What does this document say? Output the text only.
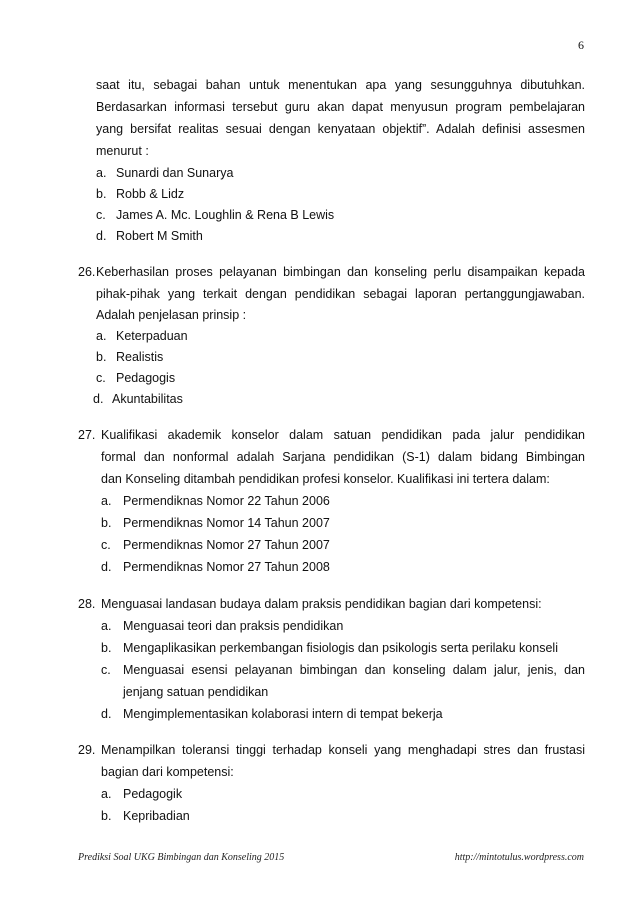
6
saat itu, sebagai bahan untuk menentukan apa yang sesungguhnya dibutuhkan.
Berdasarkan informasi tersebut guru akan dapat menyusun program pembelajaran
yang bersifat realitas sesuai dengan kenyataan objektif”. Adalah definisi assesmen
menurut :
a. Sunardi dan Sunarya
b. Robb & Lidz
c. James A. Mc. Loughlin & Rena B Lewis
d. Robert M Smith
26. Keberhasilan proses pelayanan bimbingan dan konseling perlu disampaikan kepada
pihak-pihak yang terkait dengan pendidikan sebagai laporan pertanggungjawaban.
Adalah penjelasan prinsip :
a. Keterpaduan
b. Realistis
c. Pedagogis
d. Akuntabilitas
27. Kualifikasi akademik konselor dalam satuan pendidikan pada jalur pendidikan
formal dan nonformal adalah Sarjana pendidikan (S-1) dalam bidang Bimbingan
dan Konseling ditambah pendidikan profesi konselor. Kualifikasi ini tertera dalam:
a. Permendiknas Nomor 22 Tahun 2006
b. Permendiknas Nomor 14 Tahun 2007
c. Permendiknas Nomor 27 Tahun 2007
d. Permendiknas Nomor 27 Tahun 2008
28. Menguasai landasan budaya dalam praksis pendidikan bagian dari kompetensi:
a. Menguasai teori dan praksis pendidikan
b. Mengaplikasikan perkembangan fisiologis dan psikologis serta perilaku konseli
c. Menguasai esensi pelayanan bimbingan dan konseling dalam jalur, jenis, dan
jenjang satuan pendidikan
d. Mengimplementasikan kolaborasi intern di tempat bekerja
29. Menampilkan toleransi tinggi terhadap konseli yang menghadapi stres dan frustasi
bagian dari kompetensi:
a. Pedagogik
b. Kepribadian
Prediksi Soal UKG Bimbingan dan Konseling 2015	http://mintotulus.wordpress.com
